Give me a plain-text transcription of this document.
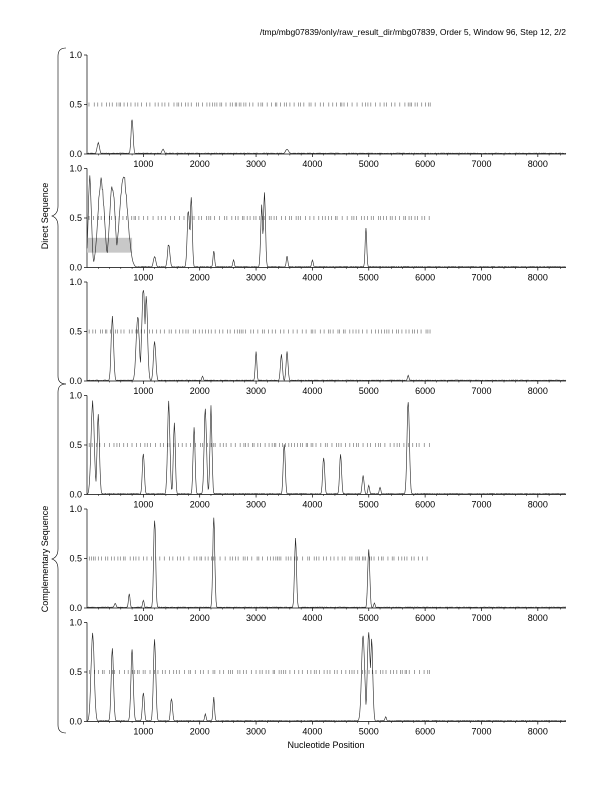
/tmp/mbg07839/only/raw_result_dir/mbg07839, Order 5, Window 96, Step 12, 2/2
0.0
0.5
1.0
1000	2000	3000	4000	5000	6000	7000	8000
0.0
0.5
1.0
1000	2000	3000	4000	5000	6000	7000	8000
0.0
0.5
1.0
1000	2000	3000	4000	5000	6000	7000	8000
0.0
0.5
1.0
1000	2000	3000	4000	5000	6000	7000	8000
0.0
0.5
1.0
1000	2000	3000	4000	5000	6000	7000	8000
0.0
0.5
1.0
1000	2000	3000	4000	5000	6000	7000	8000
Direct Sequence
Complementary Sequence
Nucleotide Position
